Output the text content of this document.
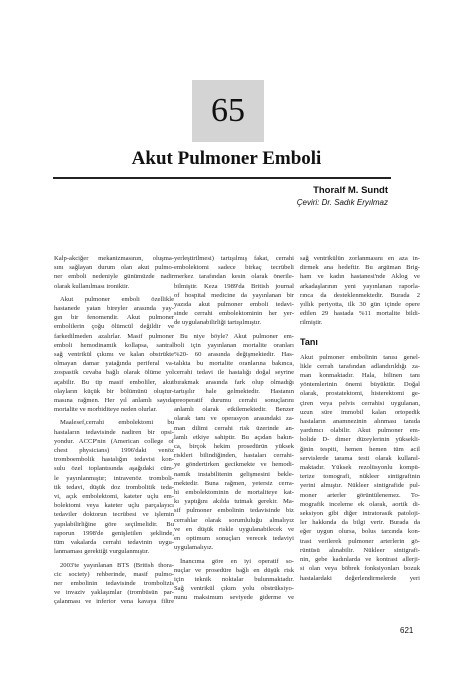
65
Akut Pulmoner Emboli
Thoralf M. Sundt
Çeviri: Dr. Sadık Eryılmaz
Kalp-akciğer mekanizmasının, oluşma-
sını sağlayan durum olan akut pulmo-
ner emboli nedeniyle günümüzde nadir
olarak kullanılması ironiktir.
Akut pulmoner emboli özellikle
hastanede yatan bireyler arasında yay-
gın bir fenomendir. Akut pulmoner
embolilerin çoğu ölümcül değildir ve
farkedilmeden azalırlar. Masif pulmoner
emboli hemodinamik kollapsa, santral
sağ ventrikül çıkımı ve kalan obstrükte
olmayan damar yatağında periferal va-
zospastik cevaba bağlı olarak ölüme yol
açabilir. Bu tip masif emboliler, akut
olayların küçük bir bölümünü oluştur-
masına rağmen. Her yıl anlamlı sayıda
mortalite ve morbiditeye neden olurlar.
Maalesef,cerrahi embolektomi bu
hastaların tedavisinde nadiren bir opsi-
yondur. ACCP'nin (American college of
chest physicians) 1996'daki venöz
tromboembolik hastalığın tedavisi kon-
sulu özel toplantısında aşağıdaki cüm-
le yayınlanmıştır; intravenöz tromboli-
tik tedavi, düşük doz trombolitik teda-
vi, açık embolektomi, kateter uçlu em-
bolektomi veya kateter uçlu parçalayıcı
tedaviler doktorun tecrübesi ve işlemin
yapılabilirliğine göre seçilmelidir. Bu
raporun 1998'de genişletilen şeklinde,
tüm vakalarda cerrahi tedavinin uygu-
lanmaması gerektiği vurgulanmıştır.
2003'te yayınlanan BTS (British thora-
cic society) rehberinde, masif pulmo-
ner embolinin tedavisinde trombolizis
ve invaziv yaklaşımlar (trombüsün par-
çalanması ve inferior vena kavaya filtre
yerleştirilmesi) tartışılmış fakat, cerrahi
embolektomi sadece birkaç tecrübeli
merkez tarafından kesin olarak önerile-
bilmiştir. Keza 1989'da British journal
of hospital medicine da yayınlanan bir
yazıda akut pulmoner emboli tedavi-
sinde cerrahi embolektominin her yer-
de uygulanabilirliği tartışılmıştır.
Bu niye böyle? Akut pulmoner em-
boli için yayınlanan mortalite oranları
%20- 60 arasında değişmektedir. Has-
talıkta bu mortalite oranlarına bakınca,
cerrahi tedavi ile hastalığı doğal seyrine
bırakmak arasında fark olup olmadığı
tartışılır hale gelmektedir. Hastanın
preoperatif durumu cerrahi sonuçlarını
anlamlı olarak etkilemektedir. Benzer
olarak tanı ve operasyon arasındaki za-
man dilimi cerrahi risk üzerinde an-
lamlı etkiye sahiptir. Bu açıdan bakın-
ca, birçok hekim prosedürün yüksek
riskleri bilindiğinden, hastaları cerrahi-
ye göndertirken gecikmekte ve hemodi-
namik instabilitenin gelişmesini bekle-
mektedir. Buna rağmen, yetersiz cerra-
hi embolektominin de mortaliteye kat-
kı yaptığını akılda tutmak gerekir. Ma-
sif pulmoner embolinin tedavisinde biz
cerrahlar olarak sorumluluğu almalıyız
ve en düşük riskle uygulanabilecek ve
en optimum sonuçları verecek tedaviyi
uygulamalıyız.
İnancıma göre en iyi operatif so-
nuçlar ve prosedüre bağlı en düşük risk
için teknik noktalar bulunmaktadır.
Sağ ventrikül çıkım yolu obstrüksiyo-
nunu maksimum seviyede giderme ve
sağ ventrikülün zorlanmasını en aza in-
dirmek ana hedeftir. Bu argüman Brig-
ham ve kadın hastanesi'nde Aklog ve
arkadaşlarının yeni yayınlanan raporla-
rınca da desteklenmektedir. Burada 2
yıllık periyotta, ilk 30 gün içinde opere
edilen 29 hastada %11 mortalite bildi-
rilmiştir.
Tanı
Akut pulmoner embolinin tanısı genel-
likle cerrah tarafından adlandırıldığı za-
man konmaktadır. Hala, bilinen tanı
yöntemlerinin önemi büyüktür. Doğal
olarak, prostatektomi, histerektomi ge-
çiren veya pelvis cerrahisi uygulanan,
uzun süre immobil kalan ortopedik
hastaların anamnezinin alınması tanıda
yardımcı olabilir. Akut pulmoner em-
bolide D- dimer düzeylerinin yüksekli-
ğinin tespiti, hemen hemen tüm acil
servislerde tarama testi olarak kullanıl-
maktadır. Yüksek rezolüsyonlu kompü-
terize tomografi, nükleer sintigrafinin
yerini almıştır. Nükleer sintigrafide pul-
moner arterler görüntülenemez. To-
mografik inceleme ek olarak, aortik di-
seksiyon gibi diğer intratorasik patoloji-
ler hakkında da bilgi verir. Burada da
eğer uygun olursa, bolus tarzında kon-
trast verilerek pulmoner arterlerin gö-
rüntüsü alınabilir. Nükleer sintigrafi-
nin, gebe kadınlarda ve kontrast allerji-
si olan veya böbrek fonksiyonları bozuk
hastalardaki değerlendirmelerde yeri
621
